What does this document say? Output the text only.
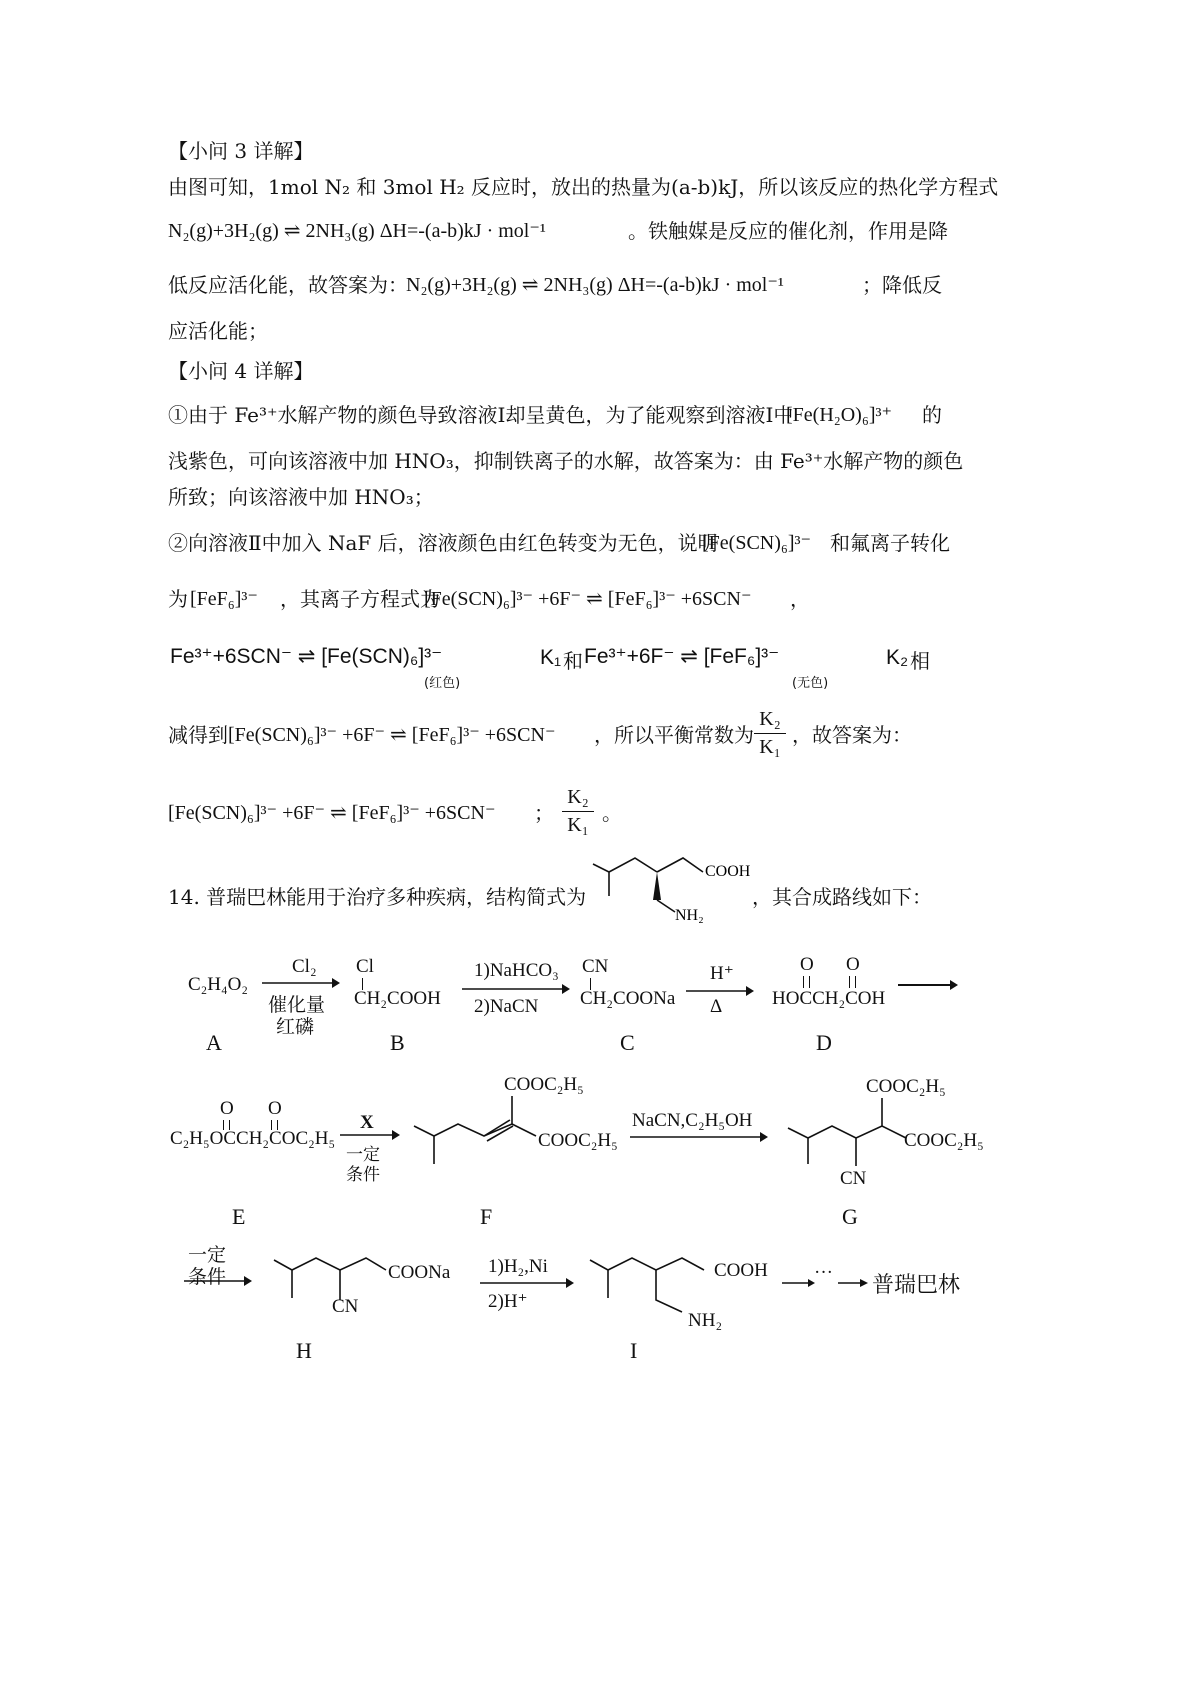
【小问 3 详解】
由图可知，1mol N₂ 和 3mol H₂ 反应时，放出的热量为(a-b)kJ，所以该反应的热化学方程式
N₂(g)+3H₂(g) ⇌ 2NH₃(g) ΔH=-(a-b)kJ · mol⁻¹	。铁触媒是反应的催化剂，作用是降
低反应活化能，故答案为：
N₂(g)+3H₂(g) ⇌ 2NH₃(g) ΔH=-(a-b)kJ · mol⁻¹	；降低反
应活化能；
【小问 4 详解】
①由于 Fe³⁺水解产物的颜色导致溶液Ⅰ却呈黄色，为了能观察到溶液Ⅰ中
[Fe(H₂O)₆]³⁺ 的
浅紫色，可向该溶液中加 HNO₃，抑制铁离子的水解，故答案为：由 Fe³⁺水解产物的颜色
所致；向该溶液中加 HNO₃；
②向溶液Ⅱ中加入 NaF 后，溶液颜色由红色转变为无色，说明
[Fe(SCN)₆]³⁻ 和氟离子转化
为 [FeF₆]³⁻ ，其离子方程式为
[Fe(SCN)₆]³⁻ +6F⁻ ⇌ [FeF₆]³⁻ +6SCN⁻ ，
Fe³⁺+6SCN⁻ ⇌ [Fe(SCN)₆]³⁻
(红色)
K₁ 和 Fe³⁺+6F⁻ ⇌ [FeF₆]³⁻
(无色)
K₂ 相
减得到 [Fe(SCN)₆]³⁻ +6F⁻ ⇌ [FeF₆]³⁻ +6SCN⁻ ，所以平衡常数为
K₂
K₁ ，故答案为：
[Fe(SCN)₆]³⁻ +6F⁻ ⇌ [FeF₆]³⁻ +6SCN⁻ ；
K₂
K₁ 。
14. 普瑞巴林能用于治疗多种疾病，结构简式为
COOH
NH₂
，其合成路线如下：
C₂H₄O₂
A
Cl₂
催化量
红磷
Cl
CH₂COOH
B
1)NaHCO₃
2)NaCN
CN
CH₂COONa
C
H⁺
Δ
O O
HOCCH₂COH
D
O O
C₂H₅OCCH₂COC₂H₅
E
X
一定
条件
COOC₂H₅
COOC₂H₅
F
NaCN,C₂H₅OH
COOC₂H₅
COOC₂H₅
CN
G
一定
条件	COONa
CN
H
1)H₂,Ni
2)H⁺
COOH
NH₂
I
··· 普瑞巴林
